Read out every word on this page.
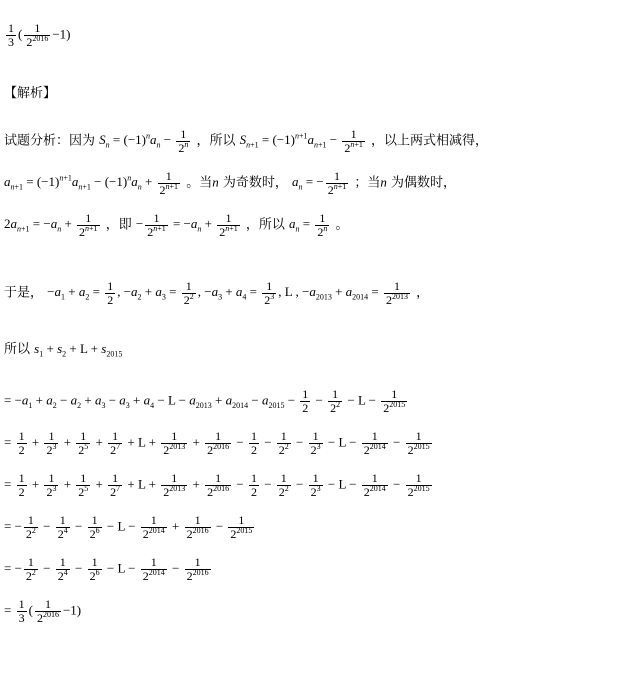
$\frac{1}{3}$ ( $\frac{1}{2^{2016}} -1$)
【解析】
试题分析：因为 $S_n = (-1)^na_n - \frac{1}{2^n}$ ，所以 $S_{n+1} = (-1)^{n+1}a_{n+1} - \frac{1}{2^{n+1}}$ ，以上两式相减得，
$a_{n+1} = (-1)^{n+1}a_{n+1} - (-1)^na_n + \frac{1}{2^{n+1}}$ 。当n 为奇数时， $a_n$ = − $\frac{1}{2^{n+1}}$ ；当n 为偶数时，
$2a_{n+1} = -a_n + \frac{1}{2^{n+1}}$ ，即 − $\frac{1}{2^{n+1}} = -a_n + \frac{1}{2^{n+1}}$ ，所以 $a_n = \frac{1}{2^n}$ 。
于是， $-a_1 + a_2 = \frac{1}{2}$ , $-a_2 + a_3 = \frac{1}{2^2}$ , $-a_3 + a_4 = \frac{1}{2^3}$ , L , $-a_{2013} + a_{2014} = \frac{1}{2^{2013}}$ ，
所以 $s_1 + s_2 + L + s_{2015}$
= $-a_1 + a_2 - a_2 + a_3 - a_3 + a_4 - L - a_{2013} + a_{2014} - a_{2015} - \frac{1}{2} - \frac{1}{2^2} - L - \frac{1}{2^{2015}}$
= $\frac{1}{2} + \frac{1}{2^3} + \frac{1}{2^5} + \frac{1}{2^7} + L + \frac{1}{2^{2013}} + \frac{1}{2^{2016}} - \frac{1}{2} - \frac{1}{2^2} - \frac{1}{2^3} - L - \frac{1}{2^{2014}} - \frac{1}{2^{2015}}$
= $\frac{1}{2} + \frac{1}{2^3} + \frac{1}{2^5} + \frac{1}{2^7} + L + \frac{1}{2^{2013}} + \frac{1}{2^{2016}} - \frac{1}{2} - \frac{1}{2^2} - \frac{1}{2^3} - L - \frac{1}{2^{2014}} - \frac{1}{2^{2015}}$
= − $\frac{1}{2^2} - \frac{1}{2^4} - \frac{1}{2^6} - L - \frac{1}{2^{2014}} + \frac{1}{2^{2016}} - \frac{1}{2^{2015}}$
= − $\frac{1}{2^2} - \frac{1}{2^4} - \frac{1}{2^6} - L - \frac{1}{2^{2014}} - \frac{1}{2^{2016}}$
= $\frac{1}{3}$ ( $\frac{1}{2^{2016}} -1$)
